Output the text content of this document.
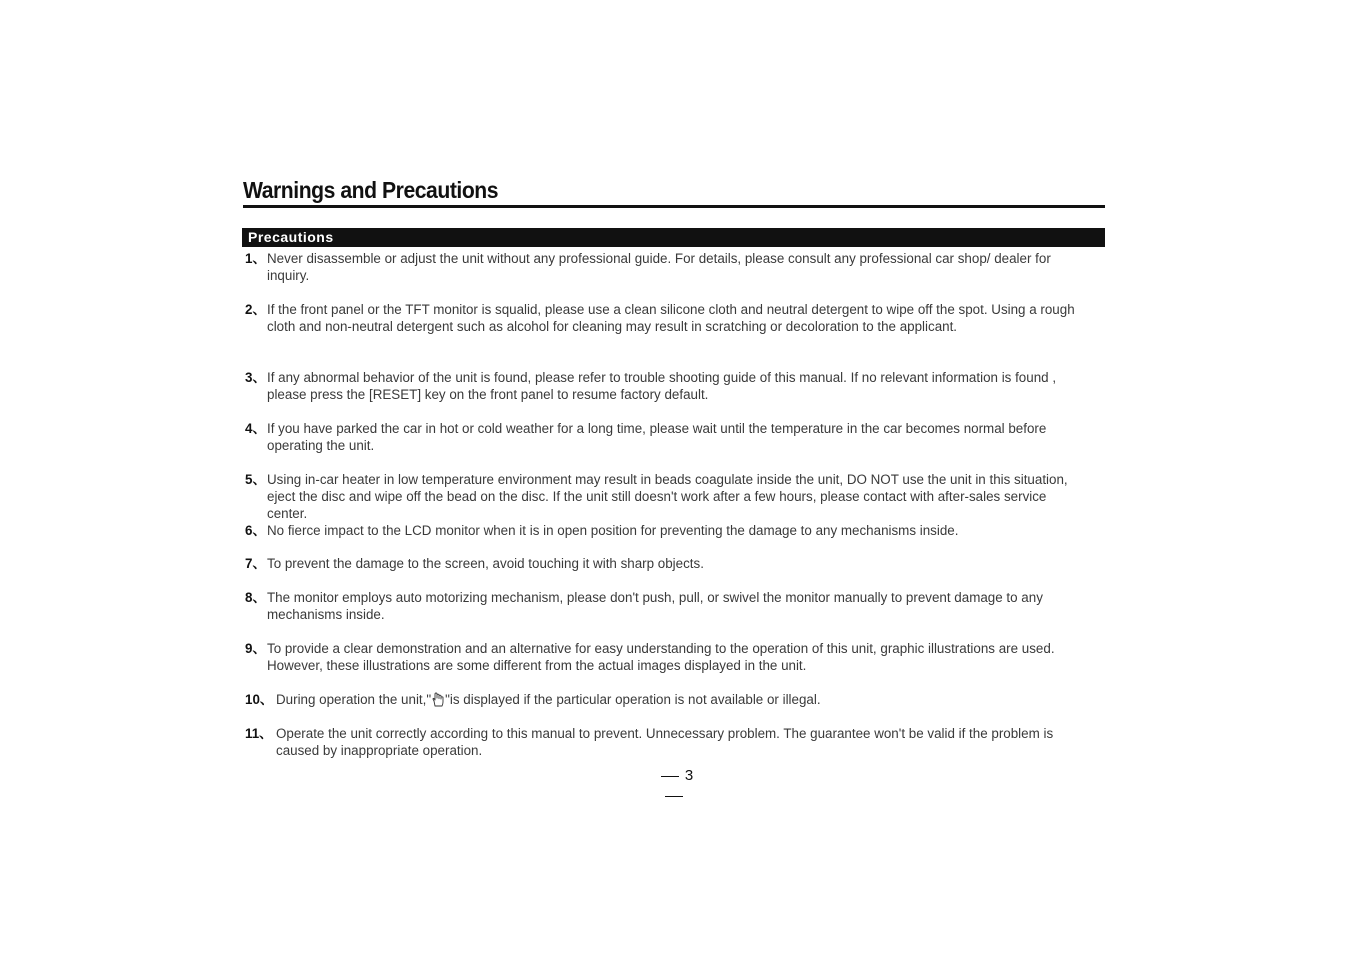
Warnings and Precautions
Precautions
1、 Never disassemble or adjust the unit without any professional guide. For details, please consult any professional car shop/ dealer for inquiry.
2、 If the front panel or the TFT monitor is squalid, please use a clean silicone cloth and neutral detergent to wipe off the spot. Using a rough cloth and non-neutral detergent such as alcohol for cleaning may result in scratching or decoloration to the applicant.
3、 If any abnormal behavior of the unit is found, please refer to trouble shooting guide of this manual. If no relevant information is found , please press the [RESET] key on the front panel to resume factory default.
4、 If you have parked the car in hot or cold weather for a long time, please wait until the temperature in the car becomes normal before operating the unit.
5、 Using in-car heater in low temperature environment may result in beads coagulate inside the unit, DO NOT use the unit in this situation, eject the disc and wipe off the bead on the disc. If the unit still doesn't work after a few hours, please contact with after-sales service center.
6、 No fierce impact to the LCD monitor when it is in open position for preventing the damage to any mechanisms inside.
7、 To prevent the damage to the screen, avoid touching it with sharp objects.
8、 The monitor employs auto motorizing mechanism, please don't push, pull, or swivel the monitor manually to prevent damage to any mechanisms inside.
9、 To provide a clear demonstration and an alternative for easy understanding to the operation of this unit, graphic illustrations are used. However, these illustrations are some different from the actual images displayed in the unit.
10、 During operation the unit," "is displayed if the particular operation is not available or illegal.
11、 Operate the unit correctly according to this manual to prevent. Unnecessary problem. The guarantee won't be valid if the problem is caused by inappropriate operation.
3
